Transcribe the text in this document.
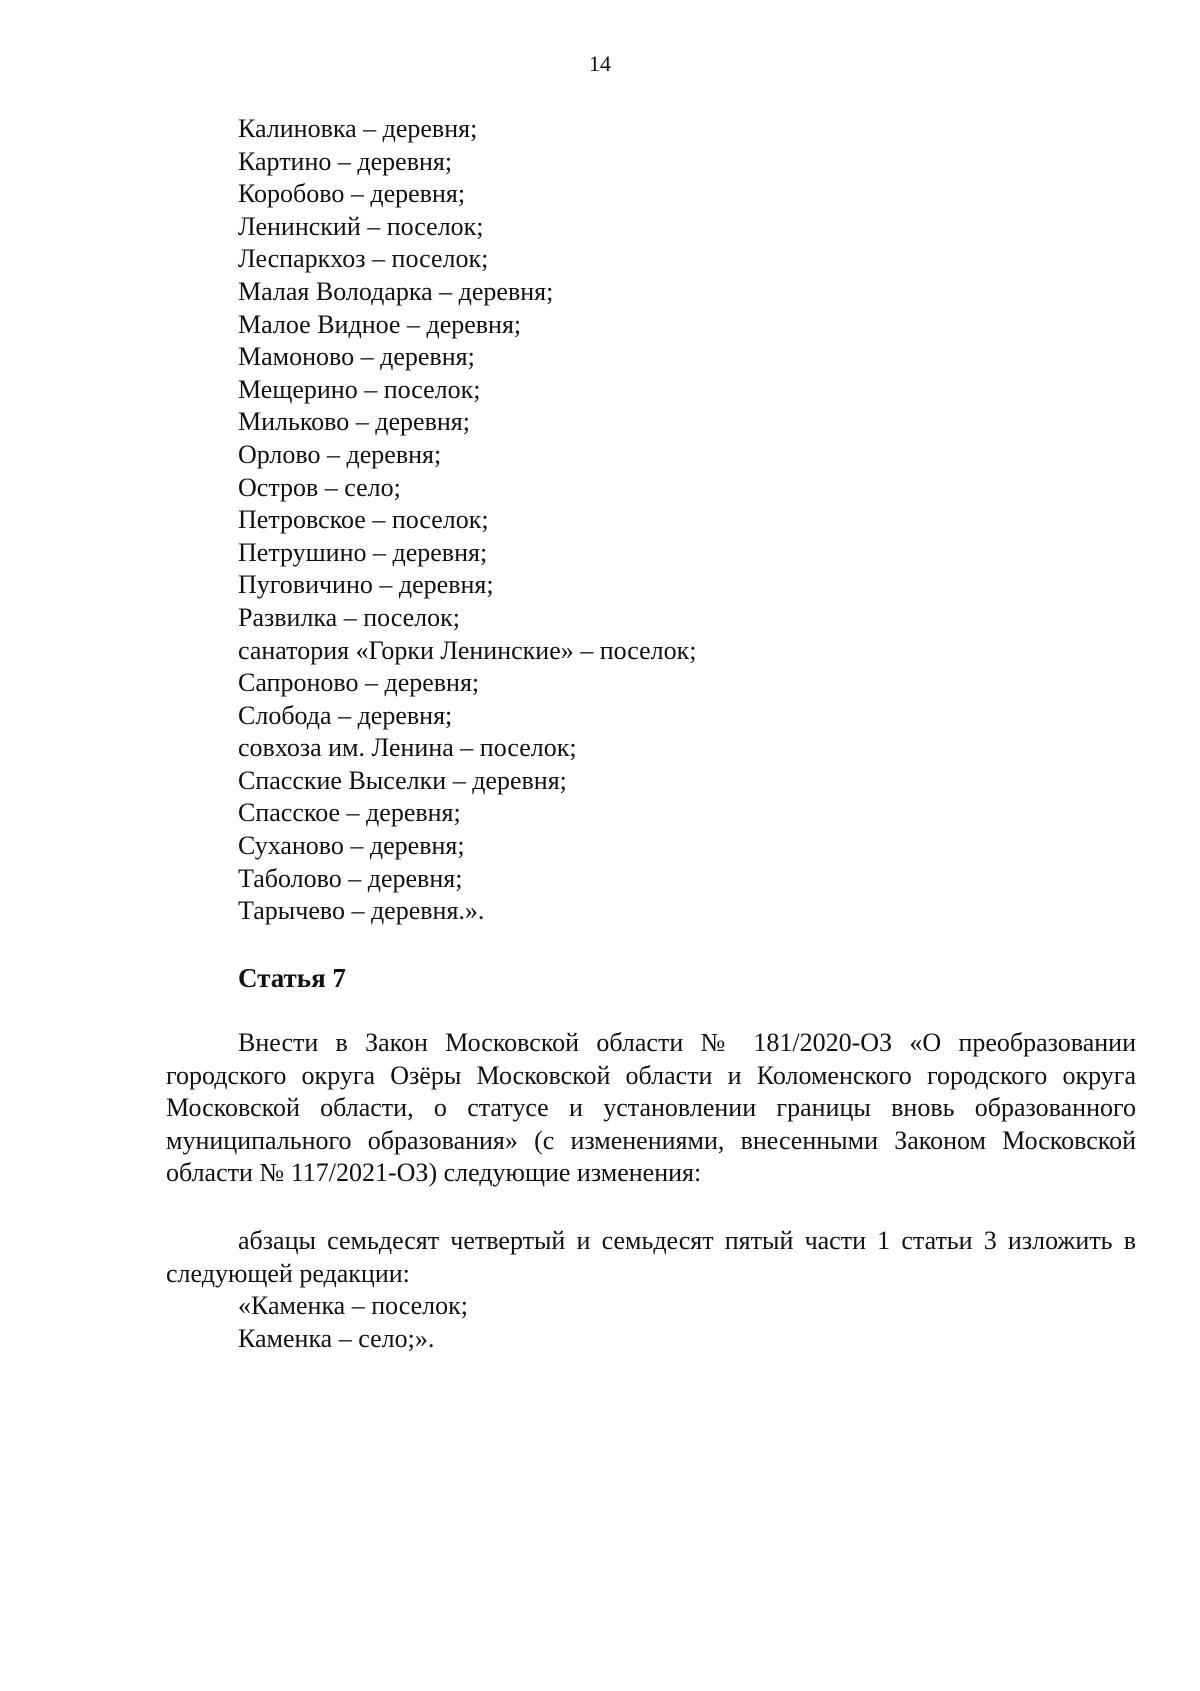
14
Калиновка – деревня;
Картино – деревня;
Коробово – деревня;
Ленинский – поселок;
Леспаркхоз – поселок;
Малая Володарка – деревня;
Малое Видное – деревня;
Мамоново – деревня;
Мещерино – поселок;
Мильково – деревня;
Орлово – деревня;
Остров – село;
Петровское – поселок;
Петрушино – деревня;
Пуговичино – деревня;
Развилка – поселок;
санатория «Горки Ленинские» – поселок;
Сапроново – деревня;
Слобода – деревня;
совхоза им. Ленина – поселок;
Спасские Выселки – деревня;
Спасское – деревня;
Суханово – деревня;
Таболово – деревня;
Тарычево – деревня.».
Статья 7

Внести в Закон Московской области № 181/2020-ОЗ «О преобразовании городского округа Озёры Московской области и Коломенского городского округа Московской области, о статусе и установлении границы вновь образованного муниципального образования» (с изменениями, внесенными Законом Московской области № 117/2021-ОЗ) следующие изменения:

абзацы семьдесят четвертый и семьдесят пятый части 1 статьи 3 изложить в следующей редакции:

«Каменка – поселок;

Каменка – село;».
